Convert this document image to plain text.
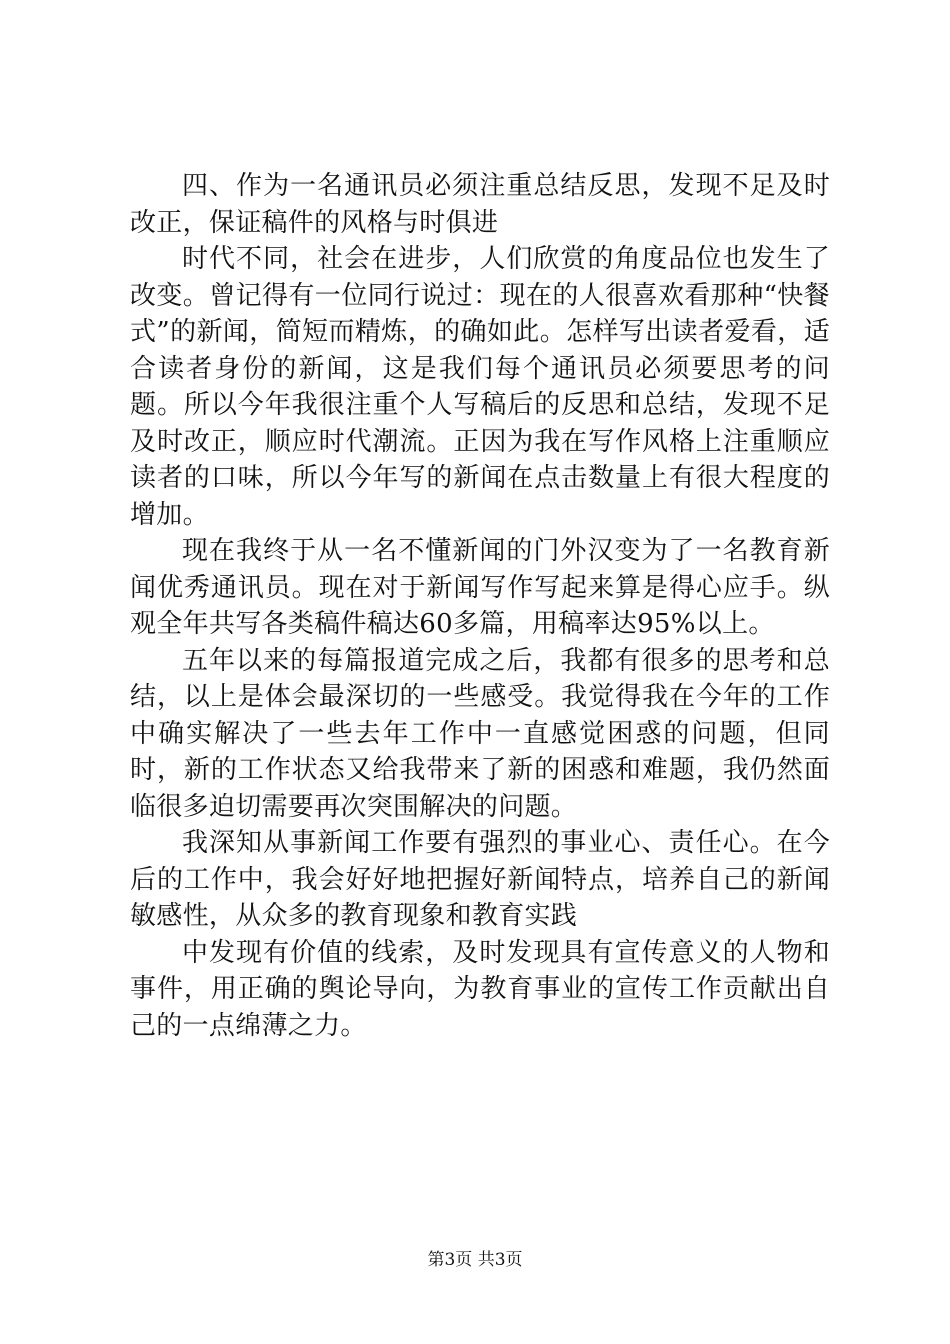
四、作为一名通讯员必须注重总结反思，发现不足及时改正，保证稿件的风格与时俱进

时代不同，社会在进步，人们欣赏的角度品位也发生了改变。曾记得有一位同行说过：现在的人很喜欢看那种“快餐式”的新闻，简短而精炼，的确如此。怎样写出读者爱看，适合读者身份的新闻，这是我们每个通讯员必须要思考的问题。所以今年我很注重个人写稿后的反思和总结，发现不足及时改正，顺应时代潮流。正因为我在写作风格上注重顺应读者的口味，所以今年写的新闻在点击数量上有很大程度的增加。

现在我终于从一名不懂新闻的门外汉变为了一名教育新闻优秀通讯员。现在对于新闻写作写起来算是得心应手。纵观全年共写各类稿件稿达60多篇，用稿率达95%以上。

五年以来的每篇报道完成之后，我都有很多的思考和总结，以上是体会最深切的一些感受。我觉得我在今年的工作中确实解决了一些去年工作中一直感觉困惑的问题，但同时，新的工作状态又给我带来了新的困惑和难题，我仍然面临很多迫切需要再次突围解决的问题。

我深知从事新闻工作要有强烈的事业心、责任心。在今后的工作中，我会好好地把握好新闻特点，培养自己的新闻敏感性，从众多的教育现象和教育实践

中发现有价值的线索，及时发现具有宣传意义的人物和事件，用正确的舆论导向，为教育事业的宣传工作贡献出自己的一点绵薄之力。

第3页 共3页
